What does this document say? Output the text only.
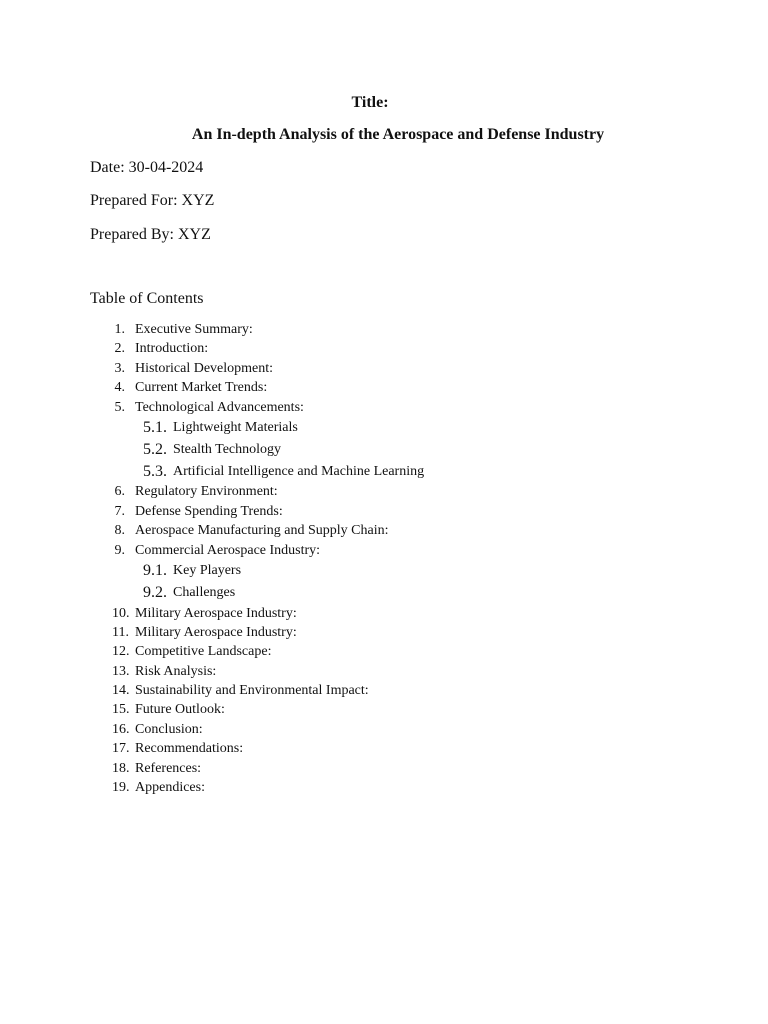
Title:
An In-depth Analysis of the Aerospace and Defense Industry
Date: 30-04-2024
Prepared For: XYZ
Prepared By: XYZ
Table of Contents
1. Executive Summary:
2. Introduction:
3. Historical Development:
4. Current Market Trends:
5. Technological Advancements:
5.1. Lightweight Materials
5.2. Stealth Technology
5.3. Artificial Intelligence and Machine Learning
6. Regulatory Environment:
7. Defense Spending Trends:
8. Aerospace Manufacturing and Supply Chain:
9. Commercial Aerospace Industry:
9.1. Key Players
9.2. Challenges
10. Military Aerospace Industry:
11. Military Aerospace Industry:
12. Competitive Landscape:
13. Risk Analysis:
14. Sustainability and Environmental Impact:
15. Future Outlook:
16. Conclusion:
17. Recommendations:
18. References:
19. Appendices:
